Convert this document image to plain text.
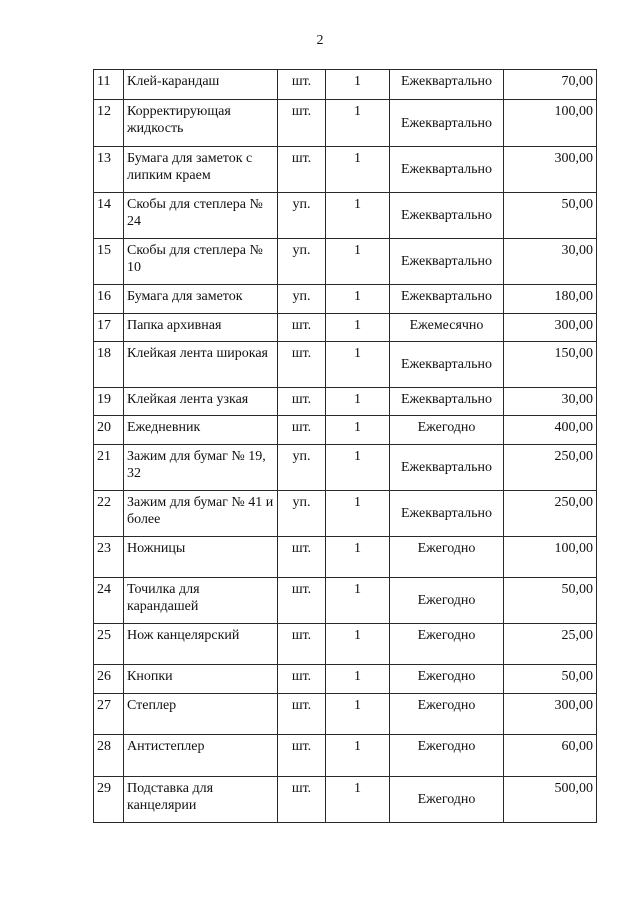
2
11	Клей-карандаш	шт.	1	Ежеквартально	70,00
12	Корректирующая жидкость	шт.	1	Ежеквартально	100,00
13	Бумага для заметок с липким краем	шт.	1	Ежеквартально	300,00
14	Скобы для степлера № 24	уп.	1	Ежеквартально	50,00
15	Скобы для степлера № 10	уп.	1	Ежеквартально	30,00
16	Бумага для заметок	уп.	1	Ежеквартально	180,00
17	Папка архивная	шт.	1	Ежемесячно	300,00
18	Клейкая лента широкая	шт.	1	Ежеквартально	150,00
19	Клейкая лента узкая	шт.	1	Ежеквартально	30,00
20	Ежедневник	шт.	1	Ежегодно	400,00
21	Зажим для бумаг № 19, 32	уп.	1	Ежеквартально	250,00
22	Зажим для бумаг № 41 и более	уп.	1	Ежеквартально	250,00
23	Ножницы	шт.	1	Ежегодно	100,00
24	Точилка для карандашей	шт.	1	Ежегодно	50,00
25	Нож канцелярский	шт.	1	Ежегодно	25,00
26	Кнопки	шт.	1	Ежегодно	50,00
27	Степлер	шт.	1	Ежегодно	300,00
28	Антистеплер	шт.	1	Ежегодно	60,00
29	Подставка для канцелярии	шт.	1	Ежегодно	500,00
